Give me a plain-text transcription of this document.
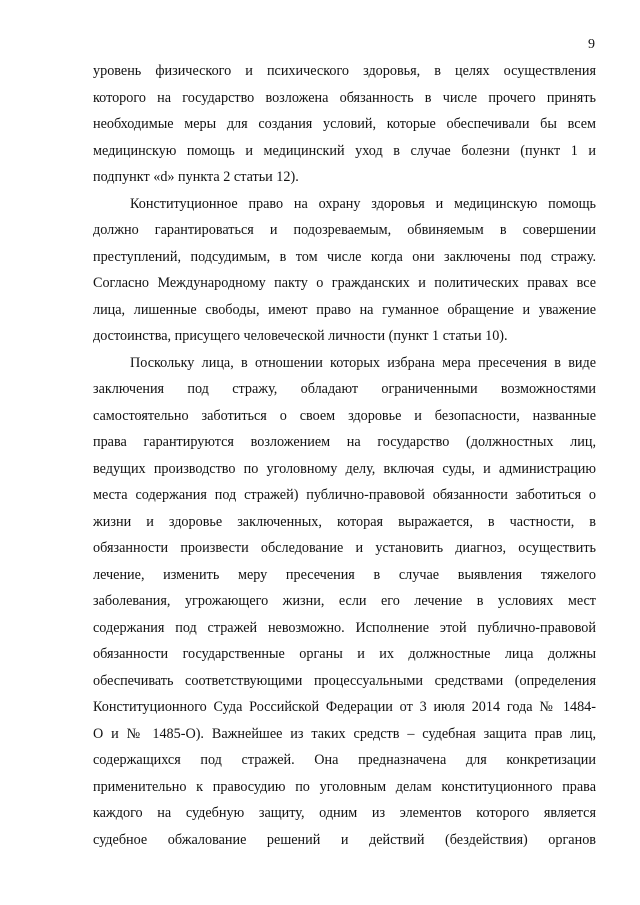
9
уровень физического и психического здоровья, в целях осуществления
которого на государство возложена обязанность в числе прочего принять
необходимые меры для создания условий, которые обеспечивали бы всем
медицинскую помощь и медицинский уход в случае болезни (пункт 1 и
подпункт «d» пункта 2 статьи 12).
Конституционное право на охрану здоровья и медицинскую помощь
должно гарантироваться и подозреваемым, обвиняемым в совершении
преступлений, подсудимым, в том числе когда они заключены под стражу.
Согласно Международному пакту о гражданских и политических правах все
лица, лишенные свободы, имеют право на гуманное обращение и уважение
достоинства, присущего человеческой личности (пункт 1 статьи 10).
Поскольку лица, в отношении которых избрана мера пресечения в виде
заключения под стражу, обладают ограниченными возможностями
самостоятельно заботиться о своем здоровье и безопасности, названные
права гарантируются возложением на государство (должностных лиц,
ведущих производство по уголовному делу, включая суды, и администрацию
места содержания под стражей) публично-правовой обязанности заботиться о
жизни и здоровье заключенных, которая выражается, в частности, в
обязанности произвести обследование и установить диагноз, осуществить
лечение, изменить меру пресечения в случае выявления тяжелого
заболевания, угрожающего жизни, если его лечение в условиях мест
содержания под стражей невозможно. Исполнение этой публично-правовой
обязанности государственные органы и их должностные лица должны
обеспечивать соответствующими процессуальными средствами (определения
Конституционного Суда Российской Федерации от 3 июля 2014 года № 1484-
О и № 1485-О). Важнейшее из таких средств – судебная защита прав лиц,
содержащихся под стражей. Она предназначена для конкретизации
применительно к правосудию по уголовным делам конституционного права
каждого на судебную защиту, одним из элементов которого является
судебное обжалование решений и действий (бездействия) органов
